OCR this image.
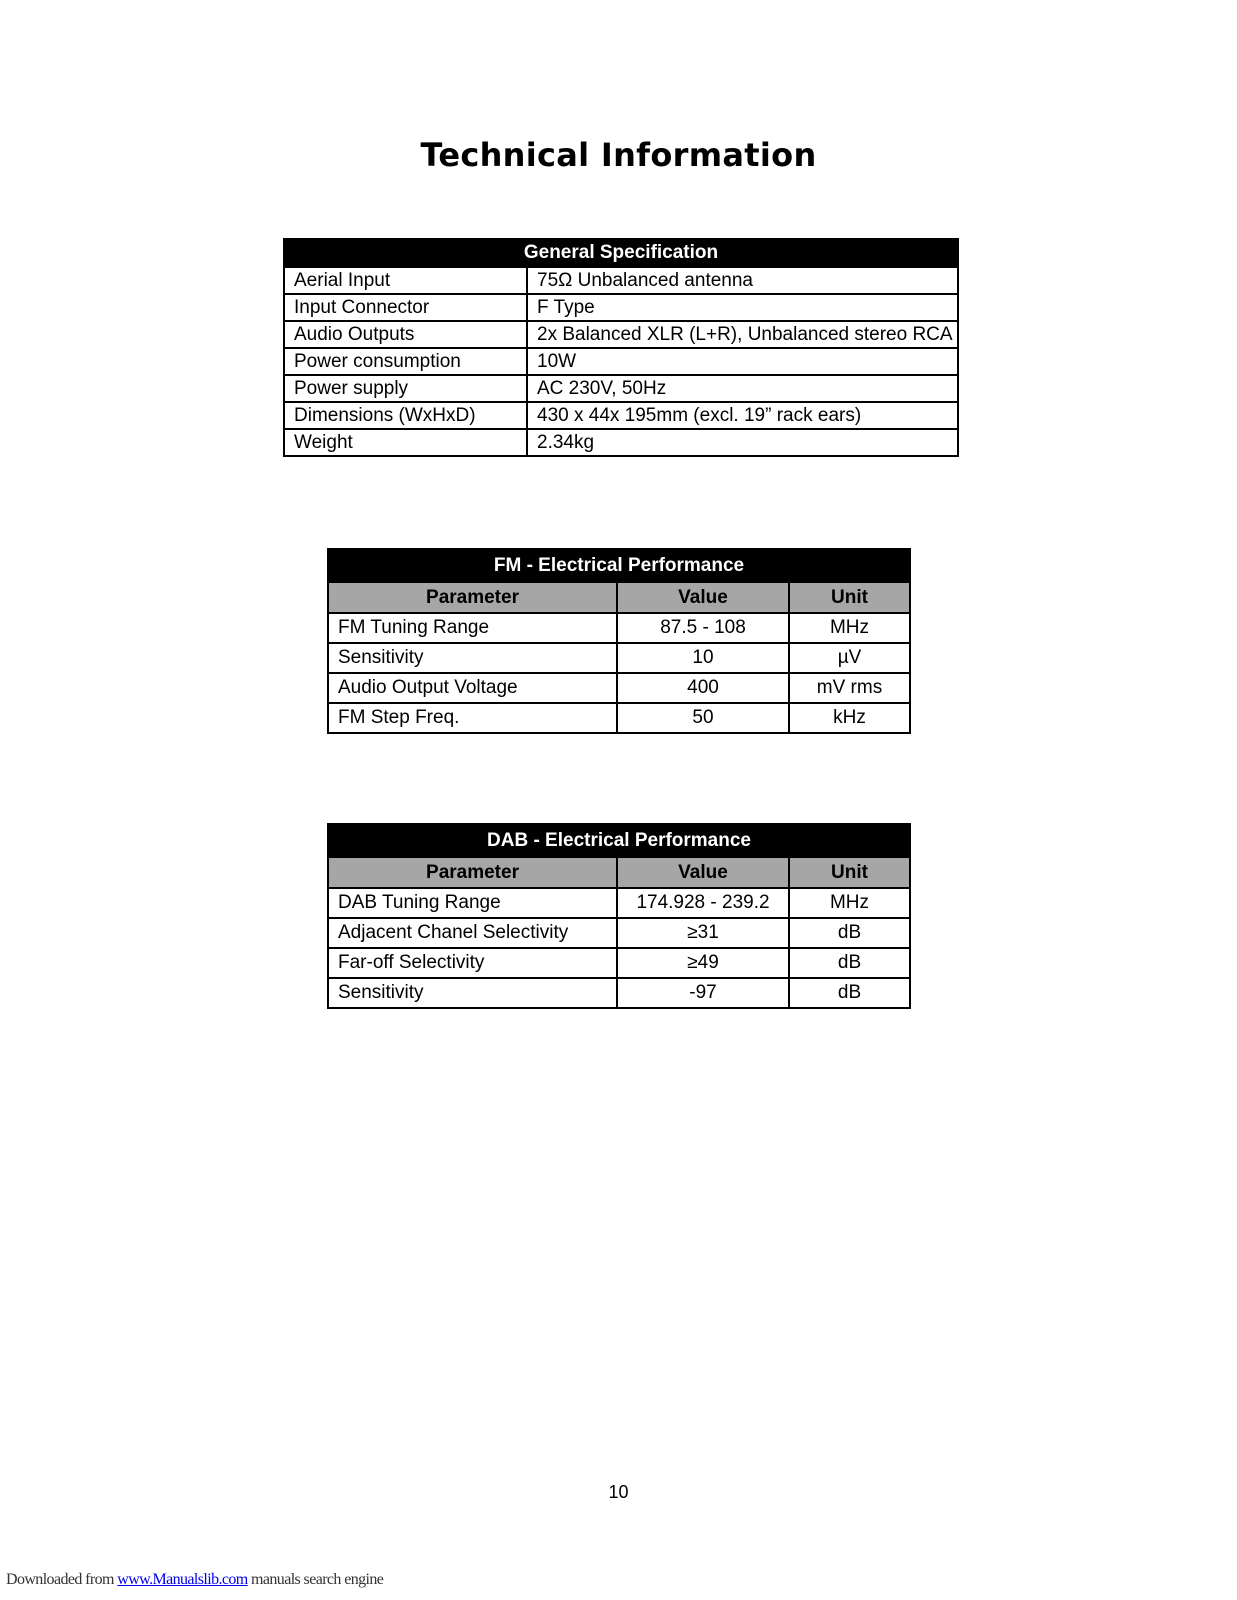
Technical Information
General Specification	
Aerial Input	75Ω Unbalanced antenna
Input Connector	F Type
Audio Outputs	2x Balanced XLR (L+R), Unbalanced stereo RCA
Power consumption	10W
Power supply	AC 230V, 50Hz
Dimensions (WxHxD)	430 x 44x 195mm (excl. 19” rack ears)
Weight	2.34kg
FM - Electrical Performance		
Parameter	Value	Unit
FM Tuning Range	87.5 - 108	MHz
Sensitivity	10	µV
Audio Output Voltage	400	mV rms
FM Step Freq.	50	kHz
DAB - Electrical Performance		
Parameter	Value	Unit
DAB Tuning Range	174.928 - 239.2	MHz
Adjacent Chanel Selectivity	≥31	dB
Far-off Selectivity	≥49	dB
Sensitivity	-97	dB
10
Downloaded from www.Manualslib.com manuals search engine
